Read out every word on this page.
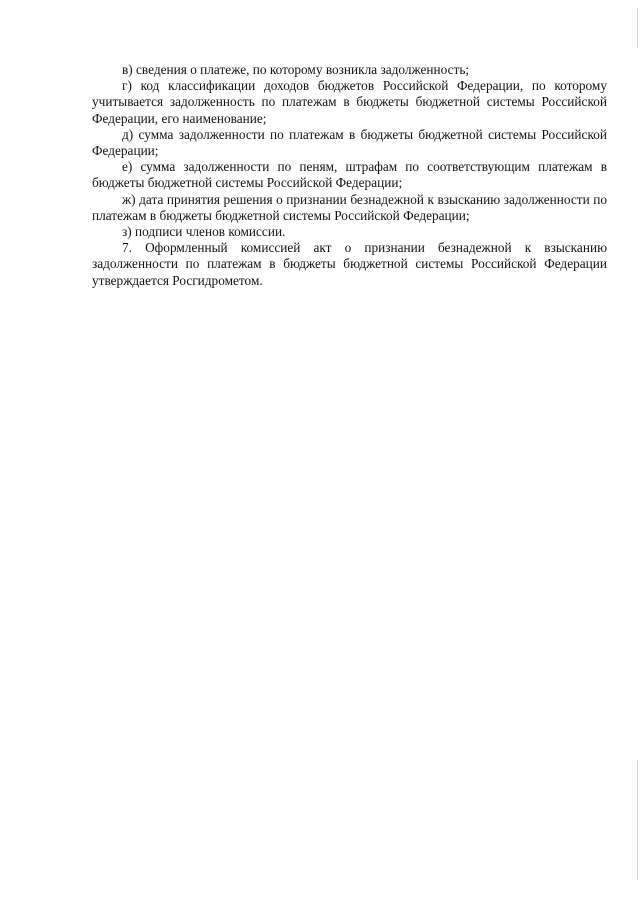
в) сведения о платеже, по которому возникла задолженность;

г) код классификации доходов бюджетов Российской Федерации, по которому учитывается задолженность по платежам в бюджеты бюджетной системы Российской Федерации, его наименование;

д) сумма задолженности по платежам в бюджеты бюджетной системы Российской Федерации;

е) сумма задолженности по пеням, штрафам по соответствующим платежам в бюджеты бюджетной системы Российской Федерации;

ж) дата принятия решения о признании безнадежной к взысканию задолженности по платежам в бюджеты бюджетной системы Российской Федерации;

з) подписи членов комиссии.

7. Оформленный комиссией акт о признании безнадежной к взысканию задолженности по платежам в бюджеты бюджетной системы Российской Федерации утверждается Росгидрометом.
